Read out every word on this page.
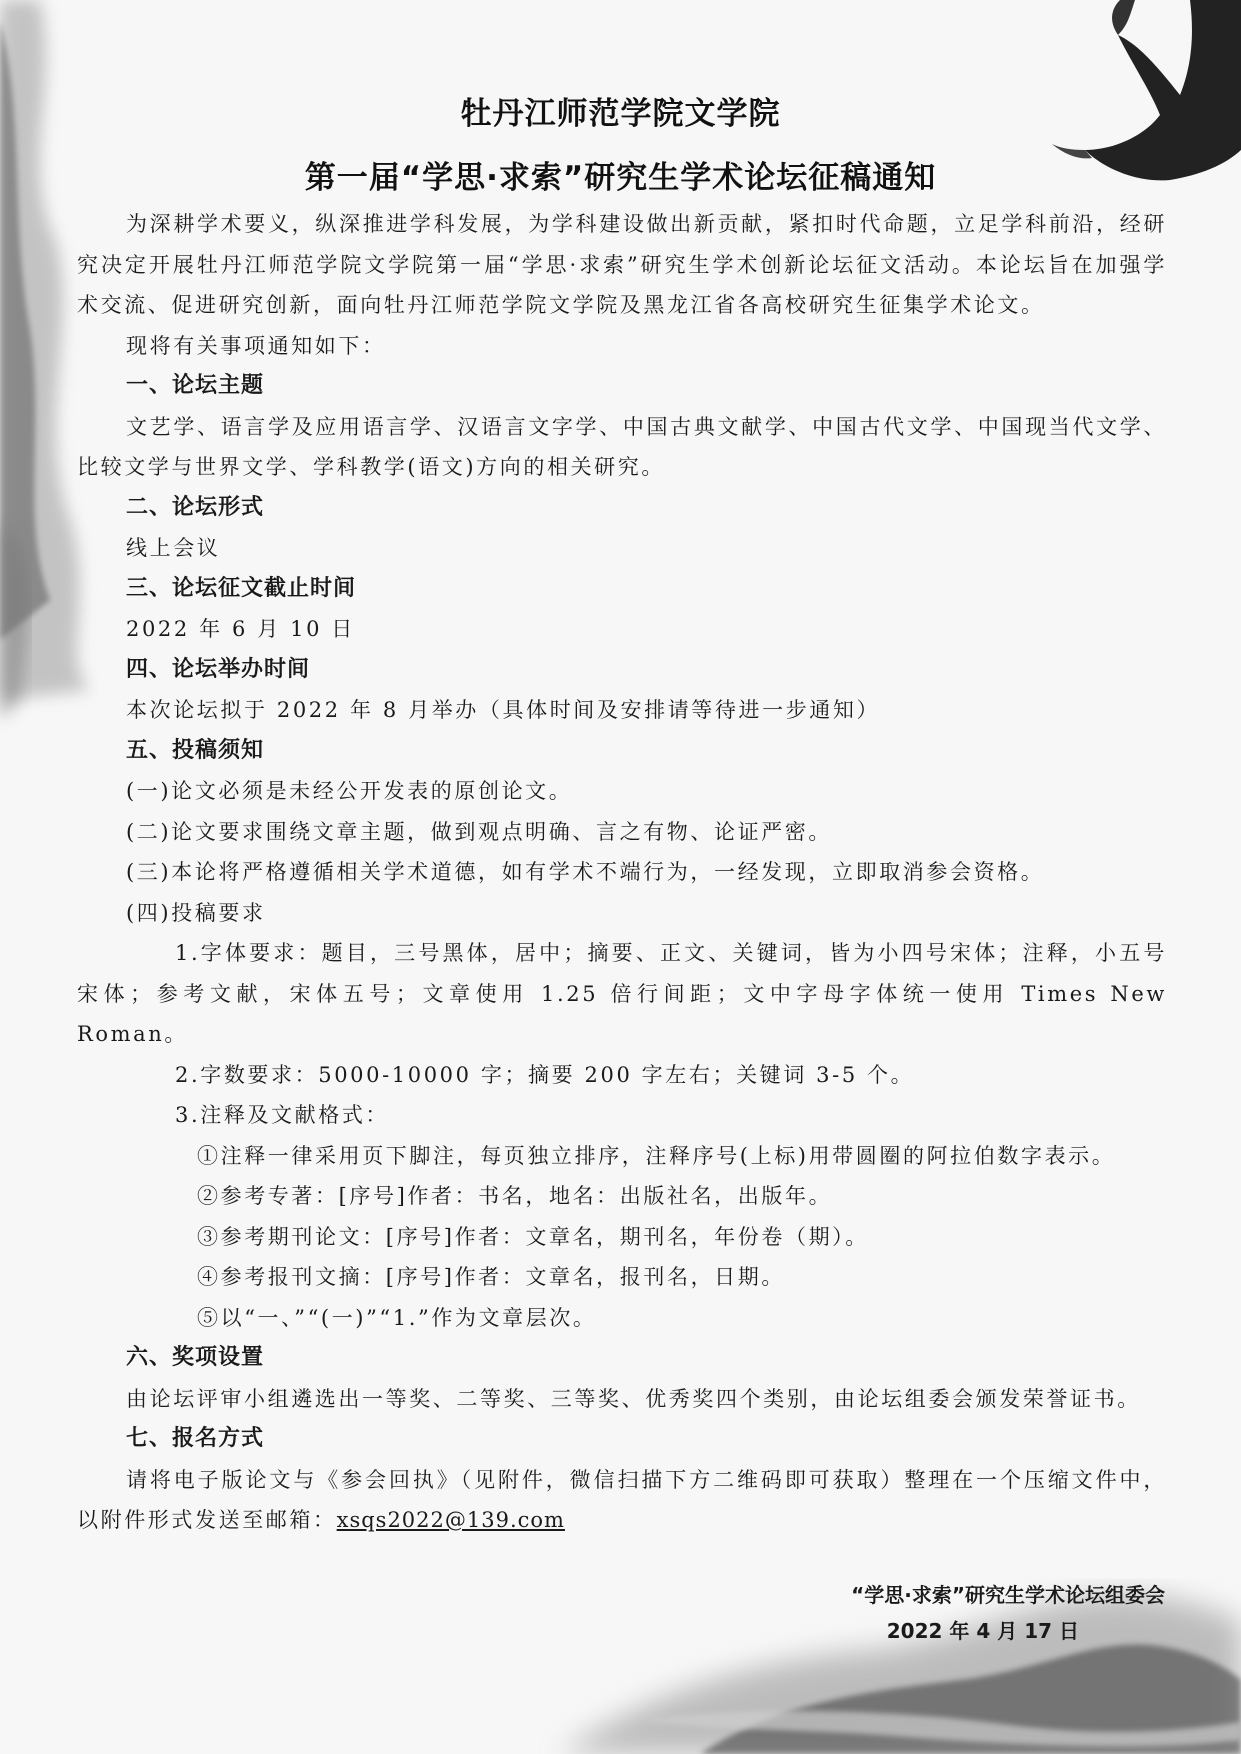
牡丹江师范学院文学院
第一届“学思·求索”研究生学术论坛征稿通知

为深耕学术要义，纵深推进学科发展，为学科建设做出新贡献，紧扣时代命题，立足学科前沿，经研究决定开展牡丹江师范学院文学院第一届“学思·求索”研究生学术创新论坛征文活动。本论坛旨在加强学术交流、促进研究创新，面向牡丹江师范学院文学院及黑龙江省各高校研究生征集学术论文。

现将有关事项通知如下：

一、论坛主题

文艺学、语言学及应用语言学、汉语言文字学、中国古典文献学、中国古代文学、中国现当代文学、比较文学与世界文学、学科教学(语文)方向的相关研究。

二、论坛形式

线上会议

三、论坛征文截止时间

2022 年 6 月 10 日

四、论坛举办时间

本次论坛拟于 2022 年 8 月举办（具体时间及安排请等待进一步通知）

五、投稿须知

(一)论文必须是未经公开发表的原创论文。

(二)论文要求围绕文章主题，做到观点明确、言之有物、论证严密。

(三)本论将严格遵循相关学术道德，如有学术不端行为，一经发现，立即取消参会资格。

(四)投稿要求

1.字体要求：题目，三号黑体，居中；摘要、正文、关键词，皆为小四号宋体；注释，小五号宋体；参考文献，宋体五号；文章使用 1.25 倍行间距；文中字母字体统一使用 Times New Roman。

2.字数要求：5000-10000 字；摘要 200 字左右；关键词 3-5 个。

3.注释及文献格式：

①注释一律采用页下脚注，每页独立排序，注释序号(上标)用带圆圈的阿拉伯数字表示。

②参考专著：[序号]作者：书名，地名：出版社名，出版年。

③参考期刊论文：[序号]作者：文章名，期刊名，年份卷（期）。

④参考报刊文摘：[序号]作者：文章名，报刊名，日期。

⑤以“一、”“(一)”“1.”作为文章层次。

六、奖项设置

由论坛评审小组遴选出一等奖、二等奖、三等奖、优秀奖四个类别，由论坛组委会颁发荣誉证书。

七、报名方式

请将电子版论文与《参会回执》（见附件，微信扫描下方二维码即可获取）整理在一个压缩文件中，以附件形式发送至邮箱：xsqs2022@139.com

“学思·求索”研究生学术论坛组委会
2022 年 4 月 17 日
